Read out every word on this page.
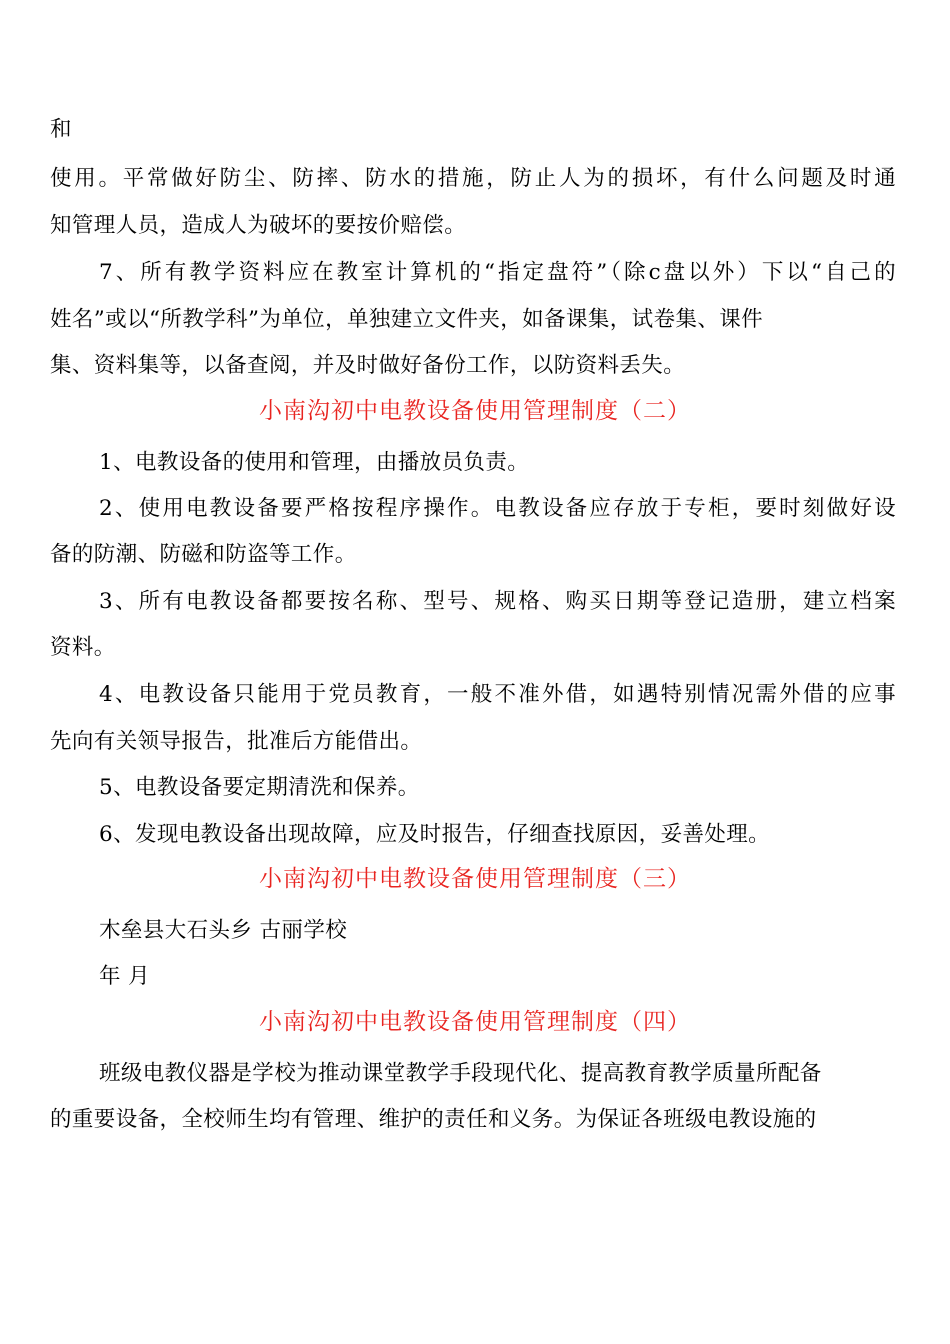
和
使用。平常做好防尘、防摔、防水的措施，防止人为的损坏，有什么问题及时通
知管理人员，造成人为破坏的要按价赔偿。
7、所有教学资料应在教室计算机的“指定盘符”（除c盘以外）下以“自己的
姓名”或以“所教学科”为单位，单独建立文件夹，如备课集，试卷集、课件
集、资料集等，以备查阅，并及时做好备份工作，以防资料丢失。
小南沟初中电教设备使用管理制度（二）
1、电教设备的使用和管理，由播放员负责。
2、使用电教设备要严格按程序操作。电教设备应存放于专柜，要时刻做好设
备的防潮、防磁和防盗等工作。
3、所有电教设备都要按名称、型号、规格、购买日期等登记造册，建立档案
资料。
4、电教设备只能用于党员教育，一般不准外借，如遇特别情况需外借的应事
先向有关领导报告，批准后方能借出。
5、电教设备要定期清洗和保养。
6、发现电教设备出现故障，应及时报告，仔细查找原因，妥善处理。
小南沟初中电教设备使用管理制度（三）
木垒县大石头乡 古丽学校
年 月
小南沟初中电教设备使用管理制度（四）
班级电教仪器是学校为推动课堂教学手段现代化、提高教育教学质量所配备
的重要设备，全校师生均有管理、维护的责任和义务。为保证各班级电教设施的
